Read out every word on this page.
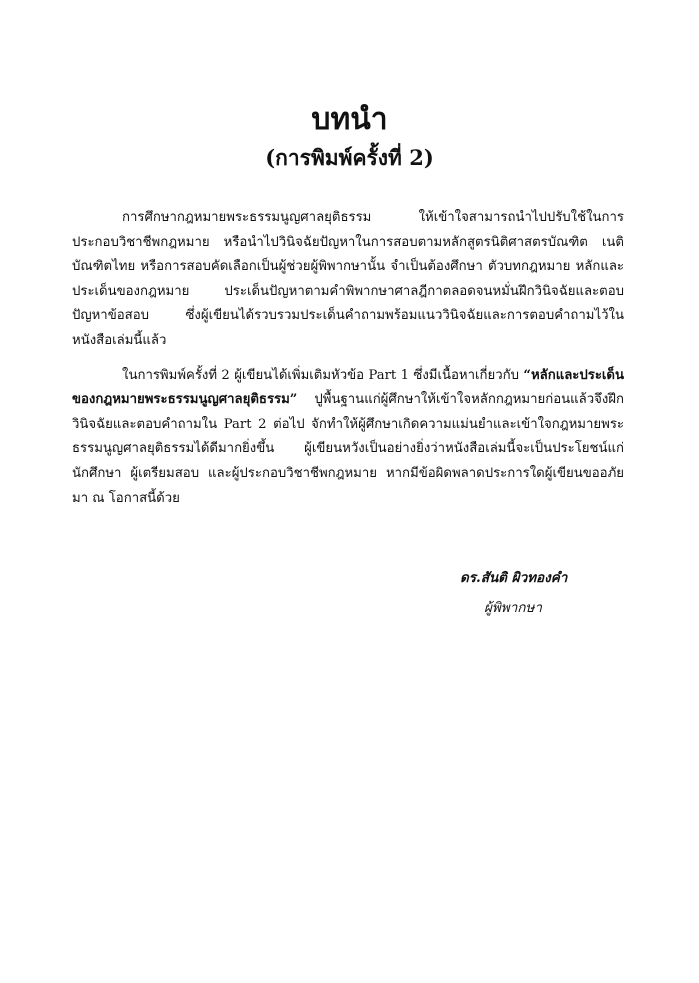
บทนำ
(การพิมพ์ครั้งที่ 2)

การศึกษากฎหมายพระธรรมนูญศาลยุติธรรม ให้เข้าใจสามารถนำไปปรับใช้ในการประกอบวิชาชีพกฎหมาย หรือนำไปวินิจฉัยปัญหาในการสอบตามหลักสูตรนิติศาสตรบัณฑิต เนติบัณฑิตไทย หรือการสอบคัดเลือกเป็นผู้ช่วยผู้พิพากษานั้น จำเป็นต้องศึกษา ตัวบทกฎหมาย หลักและประเด็นของกฎหมาย ประเด็นปัญหาตามคำพิพากษาศาลฎีกาตลอดจนหมั่นฝึกวินิจฉัยและตอบปัญหาข้อสอบ ซึ่งผู้เขียนได้รวบรวมประเด็นคำถามพร้อมแนววินิจฉัยและการตอบคำถามไว้ในหนังสือเล่มนี้แล้ว

ในการพิมพ์ครั้งที่ 2 ผู้เขียนได้เพิ่มเติมหัวข้อ Part 1 ซึ่งมีเนื้อหาเกี่ยวกับ “หลักและประเด็นของกฎหมายพระธรรมนูญศาลยุติธรรม” ปูพื้นฐานแก่ผู้ศึกษาให้เข้าใจหลักกฎหมายก่อนแล้วจึงฝึกวินิจฉัยและตอบคำถามใน Part 2 ต่อไป จักทำให้ผู้ศึกษาเกิดความแม่นยำและเข้าใจกฎหมายพระธรรมนูญศาลยุติธรรมได้ดีมากยิ่งขึ้น ผู้เขียนหวังเป็นอย่างยิ่งว่าหนังสือเล่มนี้จะเป็นประโยชน์แก่นักศึกษา ผู้เตรียมสอบ และผู้ประกอบวิชาชีพกฎหมาย หากมีข้อผิดพลาดประการใดผู้เขียนขออภัยมา ณ โอกาสนี้ด้วย

ดร.สันติ ผิวทองคำ

ผู้พิพากษา
